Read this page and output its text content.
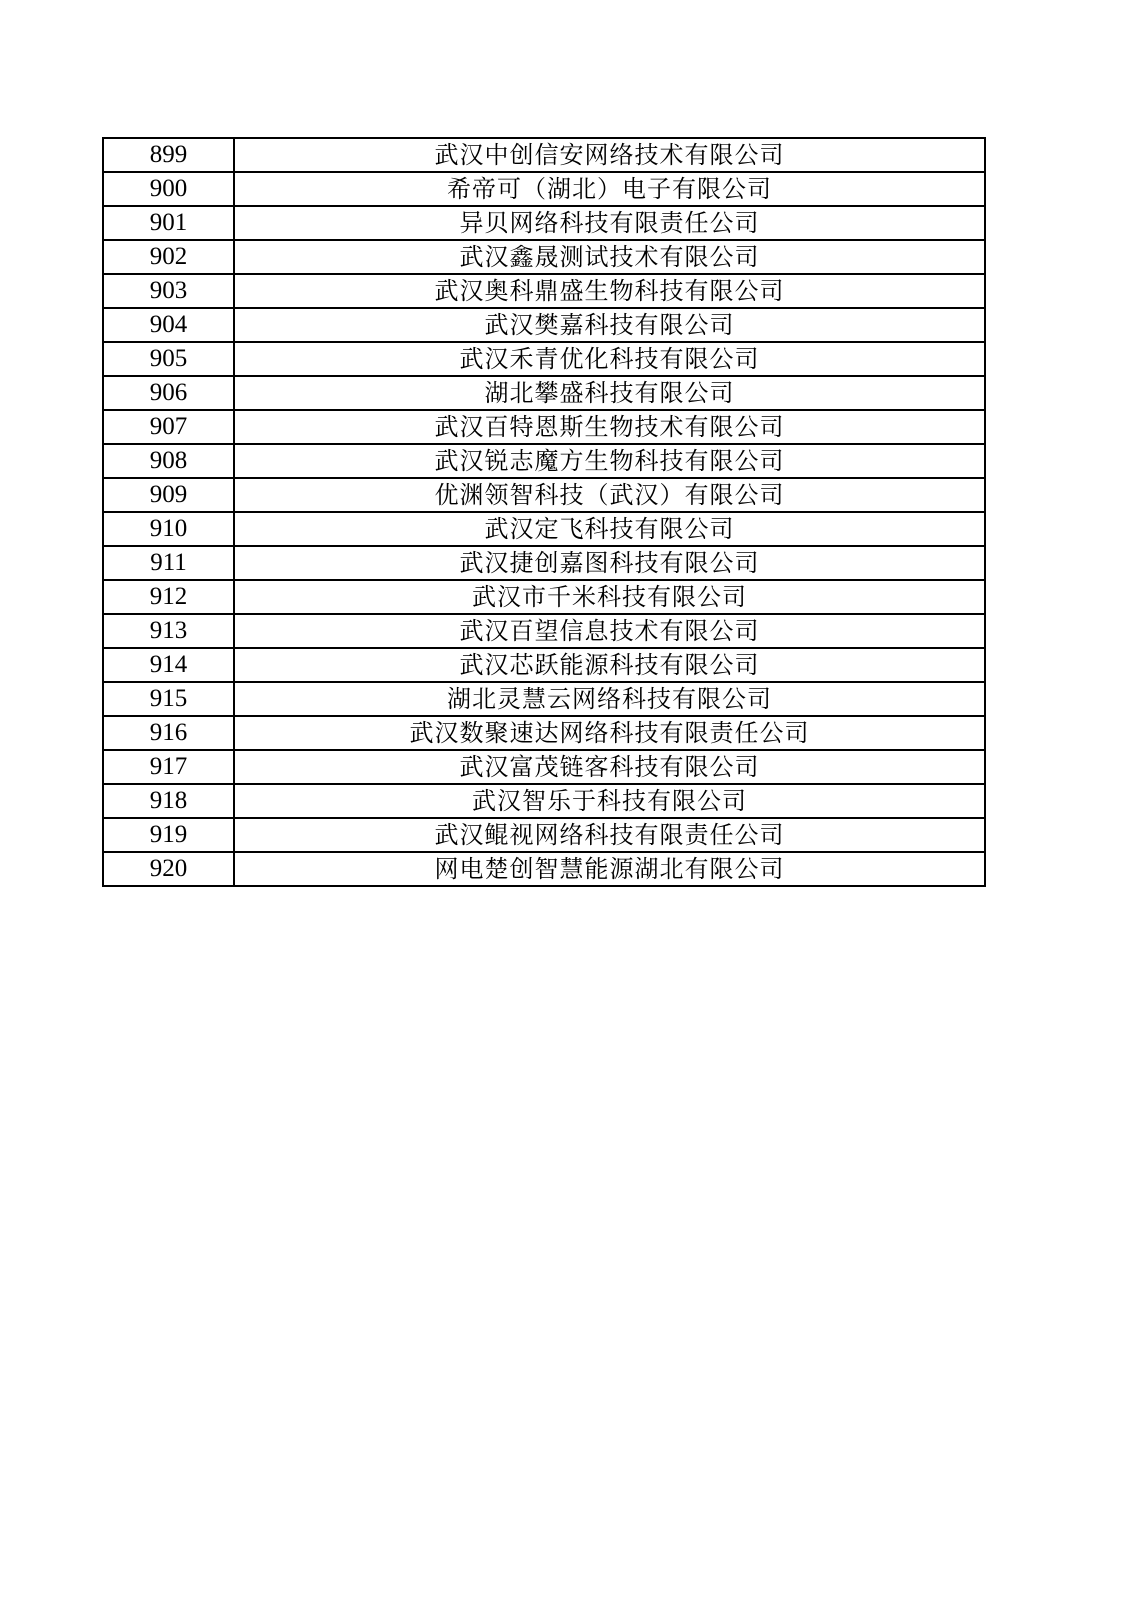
899	武汉中创信安网络技术有限公司
900	希帝可（湖北）电子有限公司
901	异贝网络科技有限责任公司
902	武汉鑫晟测试技术有限公司
903	武汉奥科鼎盛生物科技有限公司
904	武汉樊嘉科技有限公司
905	武汉禾青优化科技有限公司
906	湖北攀盛科技有限公司
907	武汉百特恩斯生物技术有限公司
908	武汉锐志魔方生物科技有限公司
909	优渊领智科技（武汉）有限公司
910	武汉定飞科技有限公司
911	武汉捷创嘉图科技有限公司
912	武汉市千米科技有限公司
913	武汉百望信息技术有限公司
914	武汉芯跃能源科技有限公司
915	湖北灵慧云网络科技有限公司
916	武汉数聚速达网络科技有限责任公司
917	武汉富茂链客科技有限公司
918	武汉智乐于科技有限公司
919	武汉鲲视网络科技有限责任公司
920	网电楚创智慧能源湖北有限公司
